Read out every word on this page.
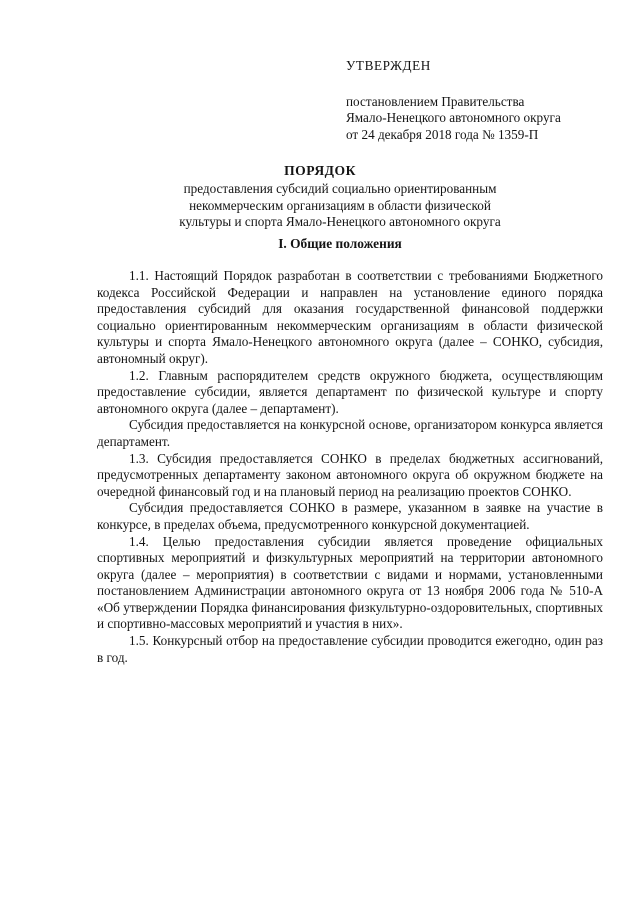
УТВЕРЖДЕН
постановлением Правительства
Ямало-Ненецкого автономного округа
от 24 декабря 2018 года № 1359-П
ПОРЯДОК
предоставления субсидий социально ориентированным
некоммерческим организациям в области физической
культуры и спорта Ямало-Ненецкого автономного округа
I. Общие положения

1.1. Настоящий Порядок разработан в соответствии с требованиями Бюджетного кодекса Российской Федерации и направлен на установление единого порядка предоставления субсидий для оказания государственной финансовой поддержки социально ориентированным некоммерческим организациям в области физической культуры и спорта Ямало-Ненецкого автономного округа (далее – СОНКО, субсидия, автономный округ).

1.2. Главным распорядителем средств окружного бюджета, осуществляющим предоставление субсидии, является департамент по физической культуре и спорту автономного округа (далее – департамент).

Субсидия предоставляется на конкурсной основе, организатором конкурса является департамент.

1.3. Субсидия предоставляется СОНКО в пределах бюджетных ассигнований, предусмотренных департаменту законом автономного округа об окружном бюджете на очередной финансовый год и на плановый период на реализацию проектов СОНКО.

Субсидия предоставляется СОНКО в размере, указанном в заявке на участие в конкурсе, в пределах объема, предусмотренного конкурсной документацией.

1.4. Целью предоставления субсидии является проведение официальных спортивных мероприятий и физкультурных мероприятий на территории автономного округа (далее – мероприятия) в соответствии с видами и нормами, установленными постановлением Администрации автономного округа от 13 ноября 2006 года № 510-А «Об утверждении Порядка финансирования физкультурно-оздоровительных, спортивных и спортивно-массовых мероприятий и участия в них».

1.5. Конкурсный отбор на предоставление субсидии проводится ежегодно, один раз в год.
